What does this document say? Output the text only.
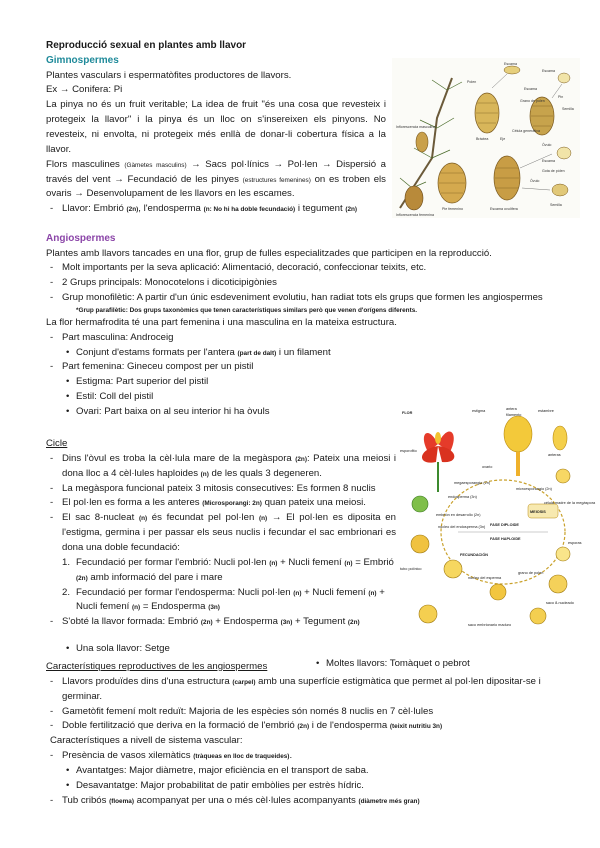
Reproducció sexual en plantes amb llavor
Gimnospermes
Plantes vasculars i espermatòfites productores de llavors.
Ex → Conifera: Pi
La pinya no és un fruit veritable; La idea de fruit "és una cosa que revesteix i protegeix la llavor" i la pinya és un lloc on s'insereixen els pinyons. No revesteix, ni envolta, ni protegeix més enllà de donar-li cobertura física a la llavor.
Flors masculines (Gàmetes masculins) → Sacs pol·línics → Pol·len → Dispersió a través del vent → Fecundació de les pinyes (estructures femenines) on es troben els ovaris → Desenvolupament de les llavors en les escames.
- Llavor: Embrió (2n), l'endosperma (n: No hi ha doble fecundació) i tegument (2n)
Escama
Escama
Polen
Escama
Grano de polen
Pin
Semilla
Inflorescencia masculina
Bráctea	Eje
Célula generativa
Inflorescencia femenina
Óvulo
Escama
Gota de pólen
Semilla
Pie femenino	Escama ovulífera
Óvulo
Angiospermes
Plantes amb llavors tancades en una flor, grup de fulles especialitzades que participen en la reproducció.
- Molt importants per la seva aplicació: Alimentació, decoració, confeccionar teixits, etc.
- 2 Grups principals: Monocotelons i dicoticipigònies
- Grup monofilètic: A partir d'un únic esdeveniment evolutiu, han radiat tots els grups que formen les angiospermes
*Grup parafilètic: Dos grups taxonòmics que tenen característiques similars però que venen d'orígens diferents.
La flor hermafrodita té una part femenina i una masculina en la mateixa estructura.
- Part masculina: Androceig
• Conjunt d'estams formats per l'antera (part de dalt) i un filament
- Part femenina: Gineceu compost per un pistil
• Estigma: Part superior del pistil
• Estil: Coll del pistil
• Ovari: Part baixa on al seu interior hi ha òvuls
Cicle
- Dins l'òvul es troba la cèl·lula mare de la megàspora (2n): Pateix una meiosi i dona lloc a 4 cèl·lules haploides (n) de les quals 3 degeneren.
- La megàspora funcional pateix 3 mitosis consecutives: Es formen 8 nuclis
- El pol·len es forma a les anteres (Microsporangi: 2n) quan pateix una meiosi.
- El sac 8-nucleat (n) és fecundat pel pol·len (n) → El pol·len es diposita en l'estigma, germina i per passar els seus nuclis i fecundar el sac embrionari es dona una doble fecundació:
1. Fecundació per formar l'embrió: Nucli pol·len (n) + Nucli femení (n) = Embrió (2n) amb informació del pare i mare
2. Fecundació per formar l'endosperma: Nucli pol·len (n) + Nucli femení (n) + Nucli femení (n) = Endosperma (3n)
- S'obté la llavor formada: Embrió (2n) + Endosperma (3n) + Tegument (2n)
• Una sola llavor: Setge
• Moltes llavors: Tomàquet o pebrot
FLOR	estigma	antera
filamento
estambre
anteras
microesporangio (2n)
ovario
esporofito
megaesporangio (2n)
endosperma (3n)
embrión en desarrollo (2n)
núcleo del endosperma (3n)
MEIOSIS
FASE DIPLOIDE
FASE HAPLOIDE
FECUNDACIÓN
tubo polínico
núcleo del esperma
saco embrionario maduro
saco 8-nucleado
célula madre de la megáspora
esporas
grano de polen
Característiques reproductives de les angiospermes
- Llavors produïdes dins d'una estructura (carpel) amb una superfície estigmàtica que permet al pol·len dipositar-se i germinar.
- Gametòfit femení molt reduït: Majoria de les espècies són només 8 nuclis en 7 cèl·lules
- Doble fertilització que deriva en la formació de l'embrió (2n) i de l'endosperma (teixit nutritiu 3n)
Característiques a nivell de sistema vascular:
- Presència de vasos xilemàtics (tràqueas en lloc de traqueides).
• Avantatges: Major diàmetre, major eficiència en el transport de saba.
• Desavantatge: Major probabilitat de patir embòlies per estrès hídric.
- Tub cribós (floema) acompanyat per una o més cèl·lules acompanyants (diàmetre més gran)
